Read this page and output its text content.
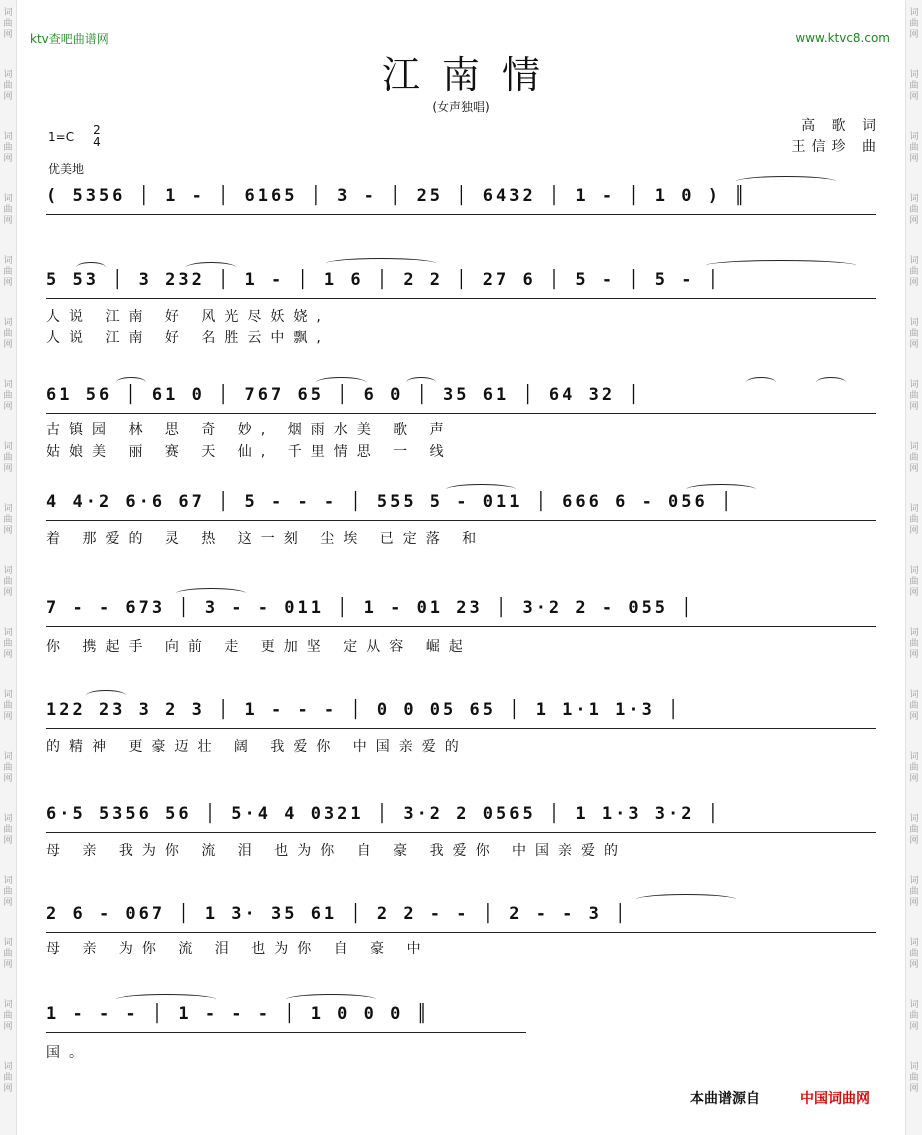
词
曲
网
词
曲
网
词
曲
网
词
曲
网
词
曲
网
词
曲
网
词
曲
网
词
曲
网
词
曲
网
词
曲
网
词
曲
网
词
曲
网
词
曲
网
词
曲
网
词
曲
网
词
曲
网
词
曲
网
词
曲
网
词
曲
网
词
曲
网
词
曲
网
词
曲
网
词
曲
网
词
曲
网
词
曲
网
词
曲
网
词
曲
网
词
曲
网
词
曲
网
词
曲
网
词
曲
网
词
曲
网
词
曲
网
词
曲
网
词
曲
网
词
曲
网
ktv查吧曲谱网	www.ktvc8.com
江南情
(女声独唱)
1=C 2
4
优美地
高 歌 词
王信珍 曲
( 5356 │ 1 - │ 6165 │ 3 - │ 25 │ 6432 │ 1 - │ 1 0 ) ║
5 53 │ 3 232 │ 1 - │ 1 6 │ 2 2 │ 27 6 │ 5 - │ 5 - │
人说 江南 好 风光尽妖娆,
人说 江南 好 名胜云中飘,
61 56 │ 61 0 │ 767 65 │ 6 0 │ 35 61 │ 64 32 │
古镇园 林 思 奇 妙, 烟雨水美 歌 声
姑娘美 丽 赛 天 仙, 千里情思 一 线
4 4·2 6·6 67 │ 5 - - - │ 555 5 - 011 │ 666 6 - 056 │
着 那爱的 灵 热 这一刻 尘埃 已定落 和
7 - - 673 │ 3 - - 011 │ 1 - 01 23 │ 3·2 2 - 055 │
你 携起手 向前 走 更加坚 定从容 崛起
122 23 3 2 3 │ 1 - - - │ 0 0 05 65 │ 1 1·1 1·3 │
的精神 更豪迈壮 阔 我爱你 中国亲爱的
6·5 5356 56 │ 5·4 4 0321 │ 3·2 2 0565 │ 1 1·3 3·2 │
母 亲 我为你 流 泪 也为你 自 豪 我爱你 中国亲爱的
2 6 - 067 │ 1 3· 35 61 │ 2 2 - - │ 2 - - 3 │
母 亲 为你 流 泪 也为你 自 豪 中
1 - - - │ 1 - - - │ 1 0 0 0 ║
国。
本曲谱源自	中国词曲网
